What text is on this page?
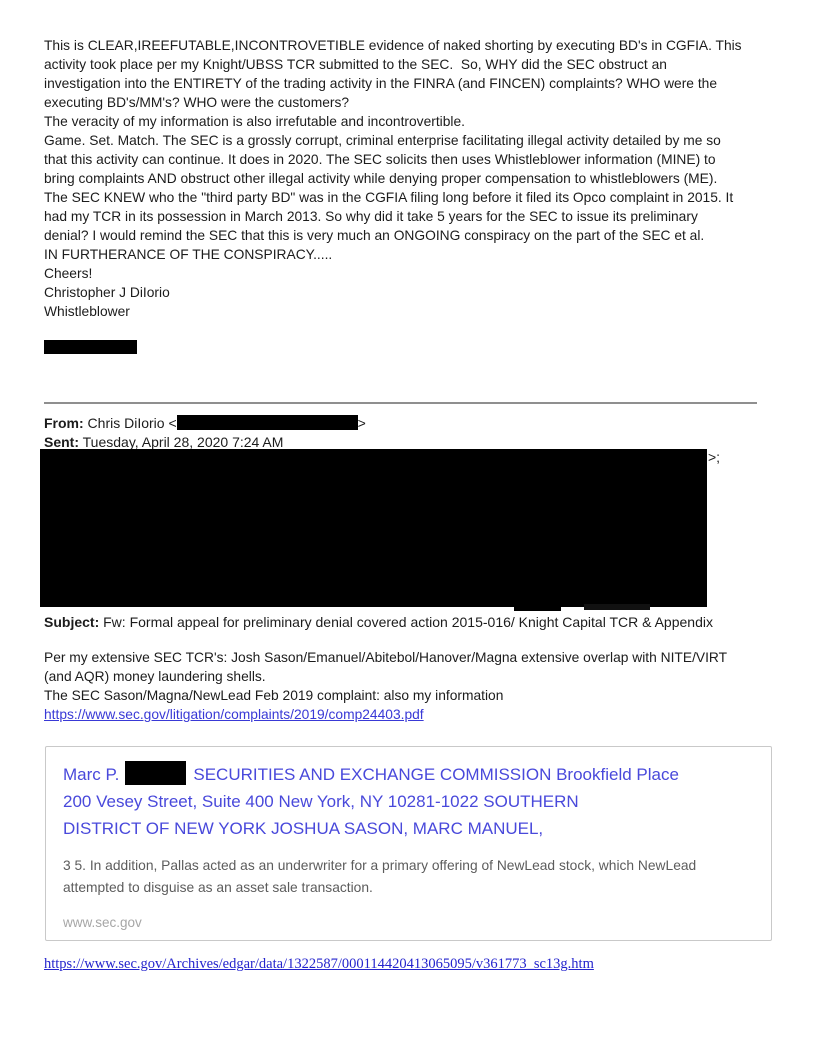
This is CLEAR,IREEFUTABLE,INCONTROVETIBLE evidence of naked shorting by executing BD's in CGFIA. This
activity took place per my Knight/UBSS TCR submitted to the SEC.  So, WHY did the SEC obstruct an
investigation into the ENTIRETY of the trading activity in the FINRA (and FINCEN) complaints? WHO were the
executing BD's/MM's? WHO were the customers?
The veracity of my information is also irrefutable and incontrovertible.
Game. Set. Match. The SEC is a grossly corrupt, criminal enterprise facilitating illegal activity detailed by me so
that this activity can continue. It does in 2020. The SEC solicits then uses Whistleblower information (MINE) to
bring complaints AND obstruct other illegal activity while denying proper compensation to whistleblowers (ME).
The SEC KNEW who the "third party BD" was in the CGFIA filing long before it filed its Opco complaint in 2015. It
had my TCR in its possession in March 2013. So why did it take 5 years for the SEC to issue its preliminary
denial? I would remind the SEC that this is very much an ONGOING conspiracy on the part of the SEC et al.
IN FURTHERANCE OF THE CONSPIRACY.....
Cheers!
Christopher J DiIorio
Whistleblower
From: Chris DiIorio <	>
Sent: Tuesday, April 28, 2020 7:24 AM
>;
Subject: Fw: Formal appeal for preliminary denial covered action 2015-016/ Knight Capital TCR & Appendix
Per my extensive SEC TCR's: Josh Sason/Emanuel/Abitebol/Hanover/Magna extensive overlap with NITE/VIRT
(and AQR) money laundering shells.
The SEC Sason/Magna/NewLead Feb 2019 complaint: also my information
https://www.sec.gov/litigation/complaints/2019/comp24403.pdf
Marc P.	SECURITIES AND EXCHANGE COMMISSION Brookfield Place
200 Vesey Street, Suite 400 New York, NY 10281-1022 SOUTHERN
DISTRICT OF NEW YORK JOSHUA SASON, MARC MANUEL,
3 5. In addition, Pallas acted as an underwriter for a primary offering of NewLead stock, which NewLead
attempted to disguise as an asset sale transaction.
www.sec.gov
https://www.sec.gov/Archives/edgar/data/1322587/000114420413065095/v361773_sc13g.htm
